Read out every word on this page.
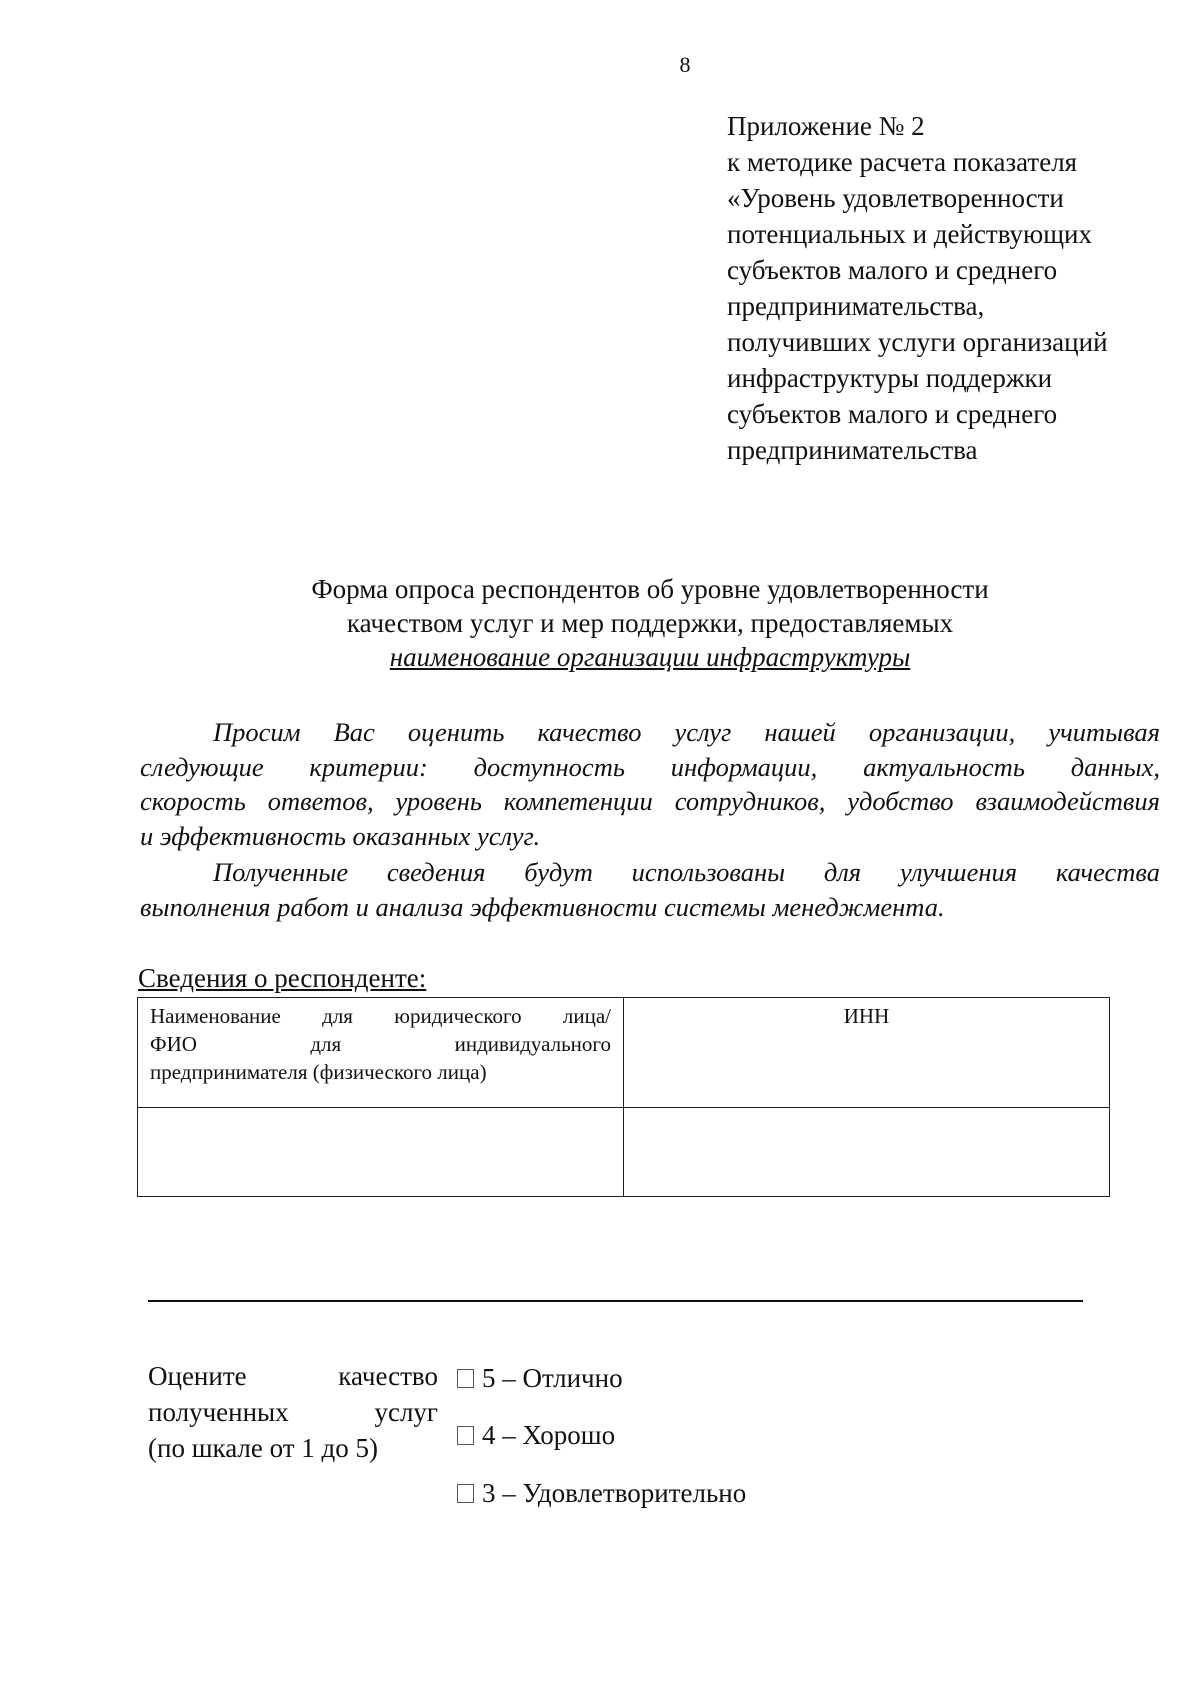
8
Приложение № 2
к методике расчета показателя
«Уровень удовлетворенности
потенциальных и действующих
субъектов малого и среднего
предпринимательства,
получивших услуги организаций
инфраструктуры поддержки
субъектов малого и среднего
предпринимательства
Форма опроса респондентов об уровне удовлетворенности
качеством услуг и мер поддержки, предоставляемых
наименование организации инфраструктуры

Просим Вас оценить качество услуг нашей организации, учитывая
следующие критерии: доступность информации, актуальность данных,
скорость ответов, уровень компетенции сотрудников, удобство взаимодействия
и эффективность оказанных услуг.

Полученные сведения будут использованы для улучшения качества
выполнения работ и анализа эффективности системы менеджмента.

Сведения о респонденте:
Наименование для юридического лица/
ФИО для индивидуального
предпринимателя (физического лица)	ИНН

Оцените качество
полученных услуг
(по шкале от 1 до 5)
5 – Отлично
4 – Хорошо
3 – Удовлетворительно
